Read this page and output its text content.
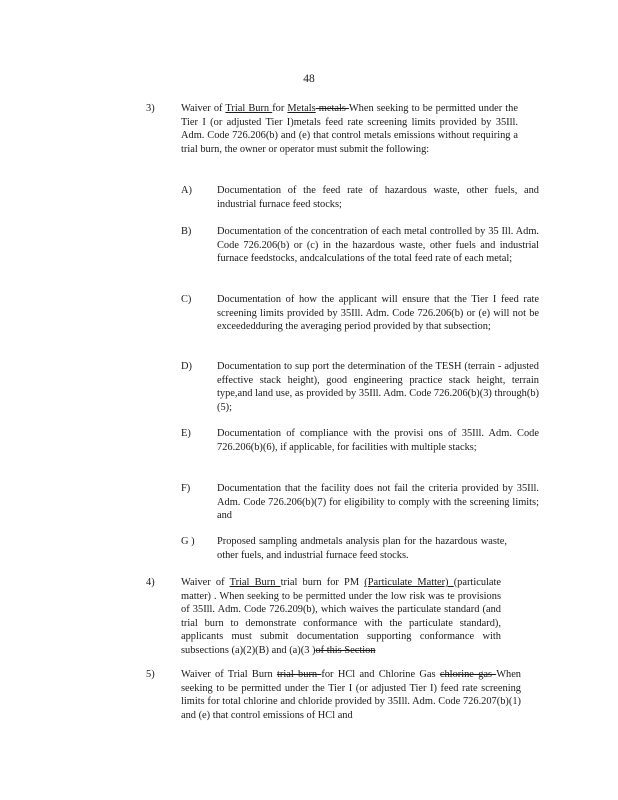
48
3)	Waiver of Trial Burn for Metals metals When seeking to be permitted under the Tier I (or adjusted Tier I)metals feed rate screening limits provided by 35Ill. Adm. Code 726.206(b) and (e) that control metals emissions without requiring a trial burn, the owner or operator must submit the following:
A) Documentation of the feed rate of hazardous waste, other fuels, and industrial furnace feed stocks;
B) Documentation of the concentration of each metal controlled by 35 Ill. Adm. Code 726.206(b) or (c) in the hazardous waste, other fuels and industrial furnace feedstocks, andcalculations of the total feed rate of each metal;
C) Documentation of how the applicant will ensure that the Tier I feed rate screening limits provided by 35Ill. Adm. Code 726.206(b) or (e) will not be exceededduring the averaging period provided by that subsection;
D) Documentation to sup port the determination of the TESH (terrain - adjusted effective stack height), good engineering practice stack height, terrain type,and land use, as provided by 35Ill. Adm. Code 726.206(b)(3) through(b)(5);
E)	Documentation of compliance with the provisi ons of 35Ill. Adm. Code 726.206(b)(6), if applicable, for facilities with multiple stacks;
F)	Documentation that the facility does not fail the criteria provided by 35Ill. Adm. Code 726.206(b)(7) for eligibility to comply with the screening limits; and
G ) Proposed sampling andmetals analysis plan for the hazardous waste, other fuels, and industrial furnace feed stocks.
4)	Waiver of Trial Burn trial burn for PM (Particulate Matter) (particulate matter) . When seeking to be permitted under the low risk was te provisions of 35Ill. Adm. Code 726.209(b), which waives the particulate standard (and trial burn to demonstrate conformance with the particulate standard), applicants must submit documentation supporting conformance with subsections (a)(2)(B) and (a)(3 )of this Section
5)	Waiver of Trial Burn trial burn for HCl and Chlorine Gas chlorine gas When seeking to be permitted under the Tier I (or adjusted Tier I) feed rate screening limits for total chlorine and chloride provided by 35Ill. Adm. Code 726.207(b)(1) and (e) that control emissions of HCl and
